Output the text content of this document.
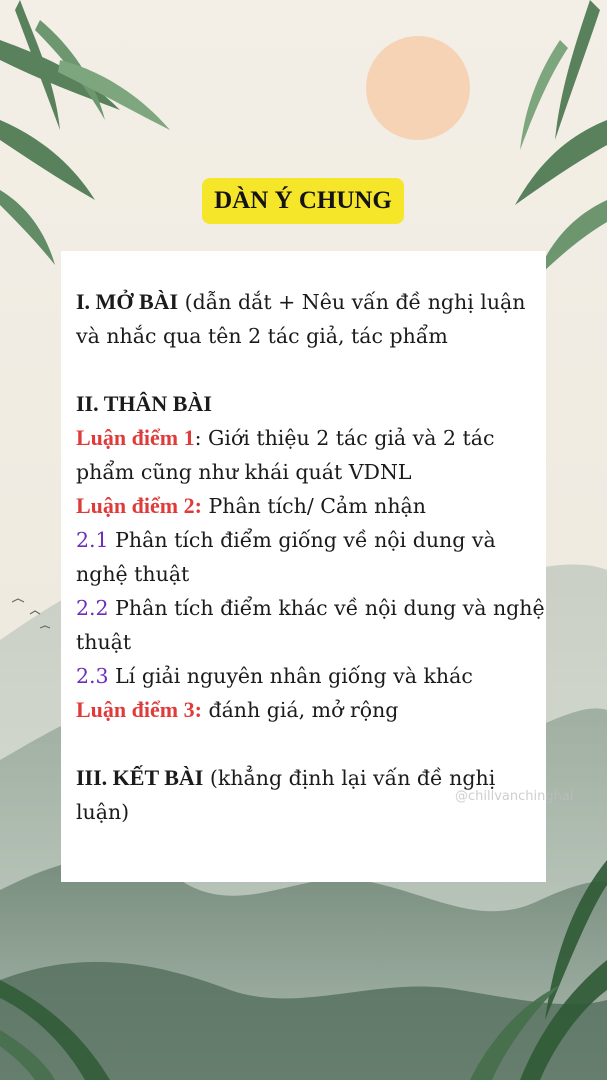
DÀN Ý CHUNG

I. MỞ BÀI (dẫn dắt + Nêu vấn đề nghị luận

và nhắc qua tên 2 tác giả, tác phẩm

II. THÂN BÀI

Luận điểm 1: Giới thiệu 2 tác giả và 2 tác

phẩm cũng như khái quát VDNL

Luận điểm 2: Phân tích/ Cảm nhận

2.1 Phân tích điểm giống về nội dung và

nghệ thuật

2.2 Phân tích điểm khác về nội dung và nghệ

thuật

2.3 Lí giải nguyên nhân giống và khác

Luận điểm 3: đánh giá, mở rộng

III. KẾT BÀI (khẳng định lại vấn đề nghị

luận)

@chillvanchinghai
